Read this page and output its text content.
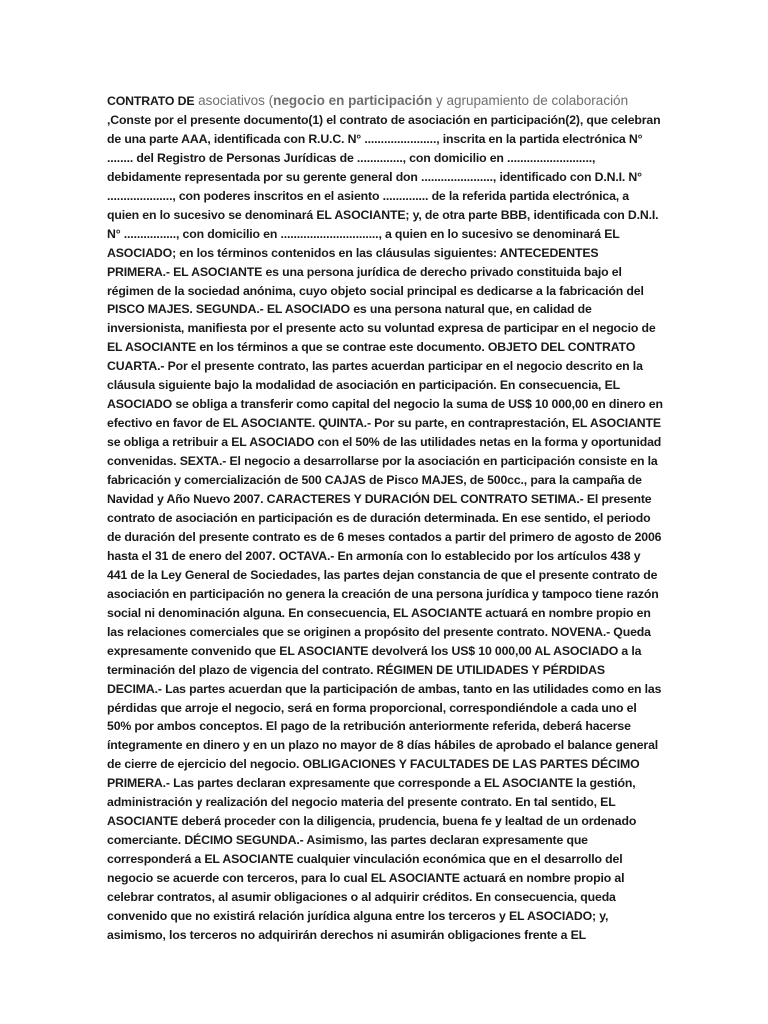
CONTRATO DE asociativos (negocio en participación y agrupamiento de colaboración ,Conste por el presente documento(1) el contrato de asociación en participación(2), que celebran de una parte AAA, identificada con R.U.C. N° ......................, inscrita en la partida electrónica N° ........ del Registro de Personas Jurídicas de .............., con domicilio en .........................., debidamente representada por su gerente general don ......................, identificado con D.N.I. N° ...................., con poderes inscritos en el asiento .............. de la referida partida electrónica, a quien en lo sucesivo se denominará EL ASOCIANTE; y, de otra parte BBB, identificada con D.N.I. N° ................, con domicilio en .............................., a quien en lo sucesivo se denominará EL ASOCIADO; en los términos contenidos en las cláusulas siguientes: ANTECEDENTES PRIMERA.- EL ASOCIANTE es una persona jurídica de derecho privado constituida bajo el régimen de la sociedad anónima, cuyo objeto social principal es dedicarse a la fabricación del PISCO MAJES. SEGUNDA.- EL ASOCIADO es una persona natural que, en calidad de inversionista, manifiesta por el presente acto su voluntad expresa de participar en el negocio de EL ASOCIANTE en los términos a que se contrae este documento. OBJETO DEL CONTRATO CUARTA.- Por el presente contrato, las partes acuerdan participar en el negocio descrito en la cláusula siguiente bajo la modalidad de asociación en participación. En consecuencia, EL ASOCIADO se obliga a transferir como capital del negocio la suma de US$ 10 000,00 en dinero en efectivo en favor de EL ASOCIANTE. QUINTA.- Por su parte, en contraprestación, EL ASOCIANTE se obliga a retribuir a EL ASOCIADO con el 50% de las utilidades netas en la forma y oportunidad convenidas. SEXTA.- El negocio a desarrollarse por la asociación en participación consiste en la fabricación y comercialización de 500 CAJAS de Pisco MAJES, de 500cc., para la campaña de Navidad y Año Nuevo 2007. CARACTERES Y DURACIÓN DEL CONTRATO SETIMA.- El presente contrato de asociación en participación es de duración determinada. En ese sentido, el periodo de duración del presente contrato es de 6 meses contados a partir del primero de agosto de 2006 hasta el 31 de enero del 2007. OCTAVA.- En armonía con lo establecido por los artículos 438 y 441 de la Ley General de Sociedades, las partes dejan constancia de que el presente contrato de asociación en participación no genera la creación de una persona jurídica y tampoco tiene razón social ni denominación alguna. En consecuencia, EL ASOCIANTE actuará en nombre propio en las relaciones comerciales que se originen a propósito del presente contrato. NOVENA.- Queda expresamente convenido que EL ASOCIANTE devolverá los US$ 10 000,00 AL ASOCIADO a la terminación del plazo de vigencia del contrato. RÉGIMEN DE UTILIDADES Y PÉRDIDAS DECIMA.- Las partes acuerdan que la participación de ambas, tanto en las utilidades como en las pérdidas que arroje el negocio, será en forma proporcional, correspondiéndole a cada uno el 50% por ambos conceptos. El pago de la retribución anteriormente referida, deberá hacerse íntegramente en dinero y en un plazo no mayor de 8 días hábiles de aprobado el balance general de cierre de ejercicio del negocio. OBLIGACIONES Y FACULTADES DE LAS PARTES DÉCIMO PRIMERA.- Las partes declaran expresamente que corresponde a EL ASOCIANTE la gestión, administración y realización del negocio materia del presente contrato. En tal sentido, EL ASOCIANTE deberá proceder con la diligencia, prudencia, buena fe y lealtad de un ordenado comerciante. DÉCIMO SEGUNDA.- Asimismo, las partes declaran expresamente que corresponderá a EL ASOCIANTE cualquier vinculación económica que en el desarrollo del negocio se acuerde con terceros, para lo cual EL ASOCIANTE actuará en nombre propio al celebrar contratos, al asumir obligaciones o al adquirir créditos. En consecuencia, queda convenido que no existirá relación jurídica alguna entre los terceros y EL ASOCIADO; y, asimismo, los terceros no adquirirán derechos ni asumirán obligaciones frente a EL
